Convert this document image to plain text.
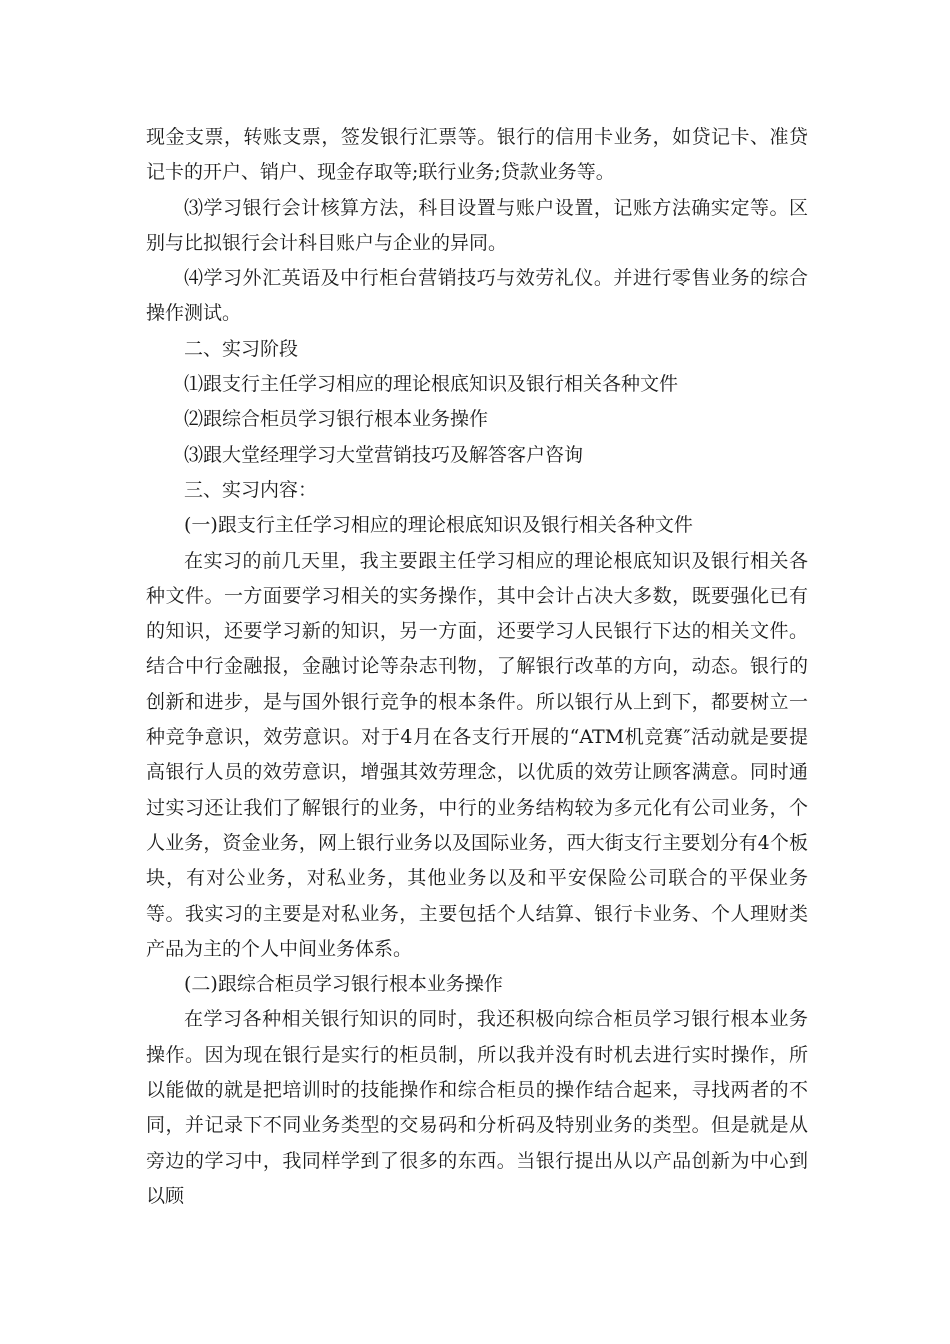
现金支票，转账支票，签发银行汇票等。银行的信用卡业务，如贷记卡、准贷记卡的开户、销户、现金存取等;联行业务;贷款业务等。

⑶学习银行会计核算方法，科目设置与账户设置，记账方法确实定等。区别与比拟银行会计科目账户与企业的异同。

⑷学习外汇英语及中行柜台营销技巧与效劳礼仪。并进行零售业务的综合操作测试。

二、实习阶段

⑴跟支行主任学习相应的理论根底知识及银行相关各种文件

⑵跟综合柜员学习银行根本业务操作

⑶跟大堂经理学习大堂营销技巧及解答客户咨询

三、实习内容：

(一)跟支行主任学习相应的理论根底知识及银行相关各种文件

在实习的前几天里，我主要跟主任学习相应的理论根底知识及银行相关各种文件。一方面要学习相关的实务操作，其中会计占决大多数，既要强化已有的知识，还要学习新的知识，另一方面，还要学习人民银行下达的相关文件。结合中行金融报，金融讨论等杂志刊物，了解银行改革的方向，动态。银行的创新和进步，是与国外银行竞争的根本条件。所以银行从上到下，都要树立一种竞争意识，效劳意识。对于4月在各支行开展的“ATM机竞赛″活动就是要提高银行人员的效劳意识，增强其效劳理念，以优质的效劳让顾客满意。同时通过实习还让我们了解银行的业务，中行的业务结构较为多元化有公司业务，个人业务，资金业务，网上银行业务以及国际业务，西大街支行主要划分有4个板块，有对公业务，对私业务，其他业务以及和平安保险公司联合的平保业务等。我实习的主要是对私业务，主要包括个人结算、银行卡业务、个人理财类产品为主的个人中间业务体系。

(二)跟综合柜员学习银行根本业务操作

在学习各种相关银行知识的同时，我还积极向综合柜员学习银行根本业务操作。因为现在银行是实行的柜员制，所以我并没有时机去进行实时操作，所以能做的就是把培训时的技能操作和综合柜员的操作结合起来，寻找两者的不同，并记录下不同业务类型的交易码和分析码及特别业务的类型。但是就是从旁边的学习中，我同样学到了很多的东西。当银行提出从以产品创新为中心到以顾
